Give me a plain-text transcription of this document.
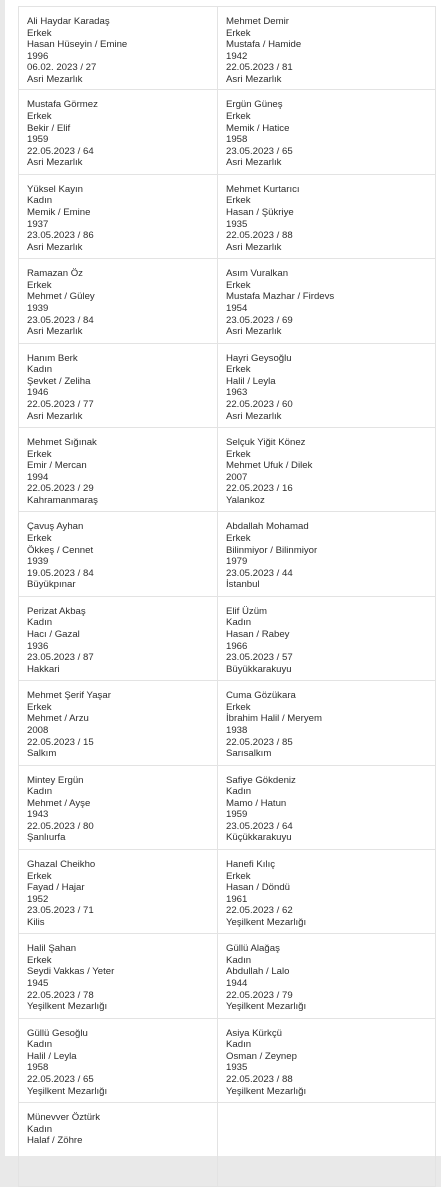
Ali Haydar Karadaş
Erkek
Hasan Hüseyin / Emine
1996
06.02. 2023 / 27
Asri Mezarlık
Mehmet Demir
Erkek
Mustafa / Hamide
1942
22.05.2023 / 81
Asri Mezarlık
Mustafa Görmez
Erkek
Bekir / Elif
1959
22.05.2023 / 64
Asri Mezarlık
Ergün Güneş
Erkek
Memik / Hatice
1958
23.05.2023 / 65
Asri Mezarlık
Yüksel Kayın
Kadın
Memik / Emine
1937
23.05.2023 / 86
Asri Mezarlık
Mehmet Kurtarıcı
Erkek
Hasan / Şükriye
1935
22.05.2023 / 88
Asri Mezarlık
Ramazan Öz
Erkek
Mehmet / Güley
1939
23.05.2023 / 84
Asri Mezarlık
Asım Vuralkan
Erkek
Mustafa Mazhar / Firdevs
1954
23.05.2023 / 69
Asri Mezarlık
Hanım Berk
Kadın
Şevket / Zeliha
1946
22.05.2023 / 77
Asri Mezarlık
Hayri Geysoğlu
Erkek
Halil / Leyla
1963
22.05.2023 / 60
Asri Mezarlık
Mehmet Sığınak
Erkek
Emir / Mercan
1994
22.05.2023 / 29
Kahramanmaraş
Selçuk Yiğit Könez
Erkek
Mehmet Ufuk / Dilek
2007
22.05.2023 / 16
Yalankoz
Çavuş Ayhan
Erkek
Ökkeş / Cennet
1939
19.05.2023 / 84
Büyükpınar
Abdallah Mohamad
Erkek
Bilinmiyor / Bilinmiyor
1979
23.05.2023 / 44
İstanbul
Perizat Akbaş
Kadın
Hacı / Gazal
1936
23.05.2023 / 87
Hakkari
Elif Üzüm
Kadın
Hasan / Rabey
1966
23.05.2023 / 57
Büyükkarakuyu
Mehmet Şerif Yaşar
Erkek
Mehmet / Arzu
2008
22.05.2023 / 15
Salkım
Cuma Gözükara
Erkek
İbrahim Halil / Meryem
1938
22.05.2023 / 85
Sarısalkım
Mintey Ergün
Kadın
Mehmet / Ayşe
1943
22.05.2023 / 80
Şanlıurfa
Safiye Gökdeniz
Kadın
Mamo / Hatun
1959
23.05.2023 / 64
Küçükkarakuyu
Ghazal Cheikho
Erkek
Fayad / Hajar
1952
23.05.2023 / 71
Kilis
Hanefi Kılıç
Erkek
Hasan / Döndü
1961
22.05.2023 / 62
Yeşilkent Mezarlığı
Halil Şahan
Erkek
Seydi Vakkas / Yeter
1945
22.05.2023 / 78
Yeşilkent Mezarlığı
Güllü Alağaş
Kadın
Abdullah / Lalo
1944
22.05.2023 / 79
Yeşilkent Mezarlığı
Güllü Gesoğlu
Kadın
Halil / Leyla
1958
22.05.2023 / 65
Yeşilkent Mezarlığı
Asiya Kürkçü
Kadın
Osman / Zeynep
1935
22.05.2023 / 88
Yeşilkent Mezarlığı
Münevver Öztürk
Kadın
Halaf / Zöhre
